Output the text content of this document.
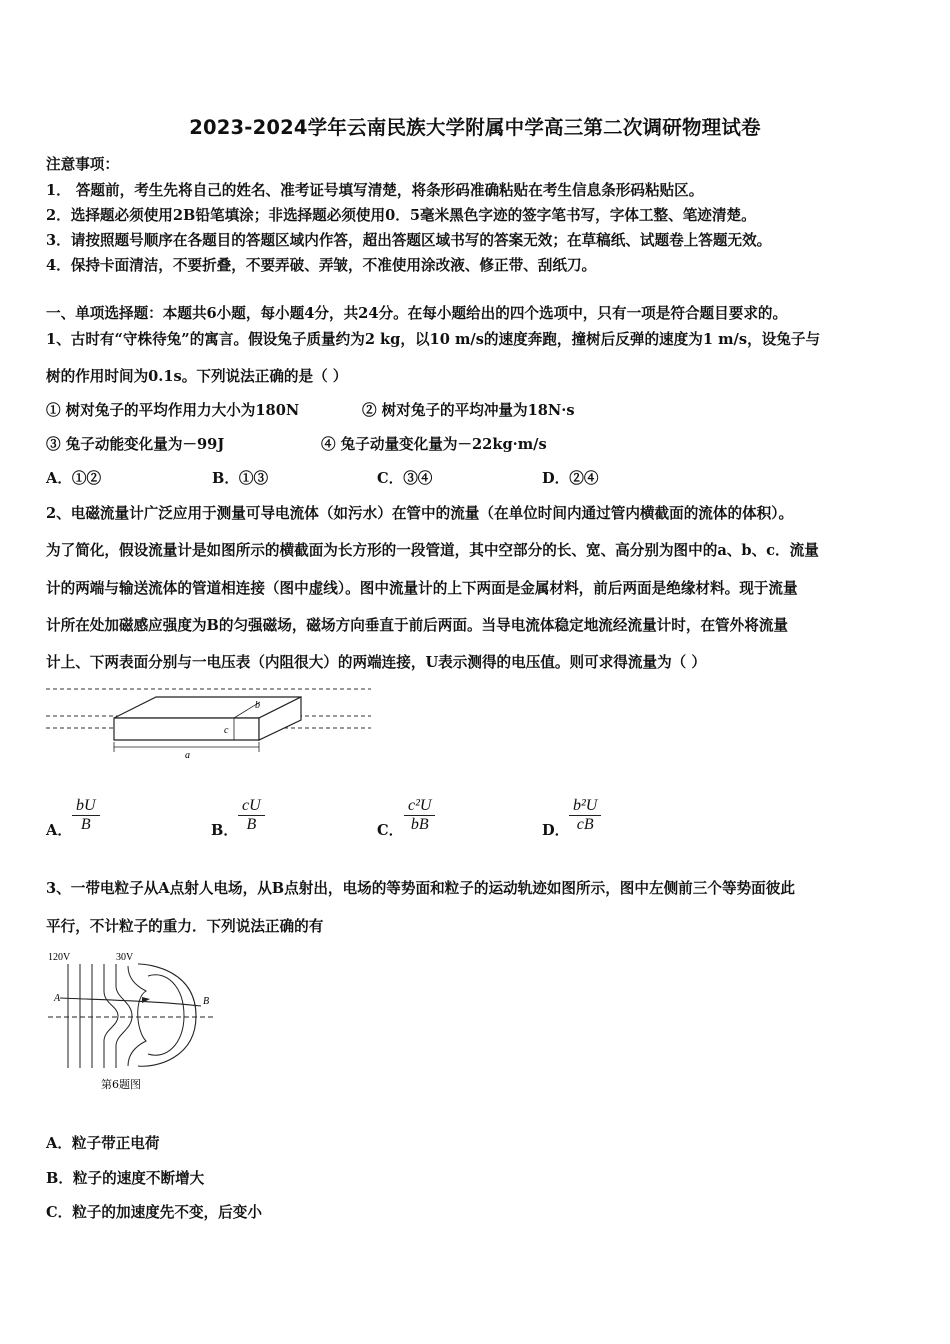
2023-2024学年云南民族大学附属中学高三第二次调研物理试卷
注意事项：
1． 答题前，考生先将自己的姓名、准考证号填写清楚，将条形码准确粘贴在考生信息条形码粘贴区。
2．选择题必须使用2B铅笔填涂；非选择题必须使用0．5毫米黑色字迹的签字笔书写，字体工整、笔迹清楚。
3．请按照题号顺序在各题目的答题区域内作答，超出答题区域书写的答案无效；在草稿纸、试题卷上答题无效。
4．保持卡面清洁，不要折叠，不要弄破、弄皱，不准使用涂改液、修正带、刮纸刀。
一、单项选择题：本题共6小题，每小题4分，共24分。在每小题给出的四个选项中，只有一项是符合题目要求的。
1、古时有“守株待兔”的寓言。假设兔子质量约为2 kg，以10 m/s的速度奔跑，撞树后反弹的速度为1 m/s，设兔子与
树的作用时间为0.1s。下列说法正确的是（ ）
① 树对兔子的平均作用力大小为180N	② 树对兔子的平均冲量为18N·s
③ 兔子动能变化量为－99J	④ 兔子动量变化量为－22kg·m/s
A．①②	B．①③	C．③④	D．②④
2、电磁流量计广泛应用于测量可导电流体（如污水）在管中的流量（在单位时间内通过管内横截面的流体的体积）。
为了简化，假设流量计是如图所示的横截面为长方形的一段管道，其中空部分的长、宽、高分别为图中的a、b、c．流量
计的两端与输送流体的管道相连接（图中虚线）。图中流量计的上下两面是金属材料，前后两面是绝缘材料。现于流量
计所在处加磁感应强度为B的匀强磁场，磁场方向垂直于前后两面。当导电流体稳定地流经流量计时，在管外将流量
计上、下两表面分别与一电压表（内阻很大）的两端连接，U表示测得的电压值。则可求得流量为（ ）
b
c
a
A．
bU
B	B．
cU
B	C．
c²U
bB	D．
b²U
cB
3、一带电粒子从A点射人电场，从B点射出，电场的等势面和粒子的运动轨迹如图所示，图中左侧前三个等势面彼此
平行，不计粒子的重力．下列说法正确的有
120V	30V
A	B
第6题图
A．粒子带正电荷
B．粒子的速度不断增大
C．粒子的加速度先不变，后变小
